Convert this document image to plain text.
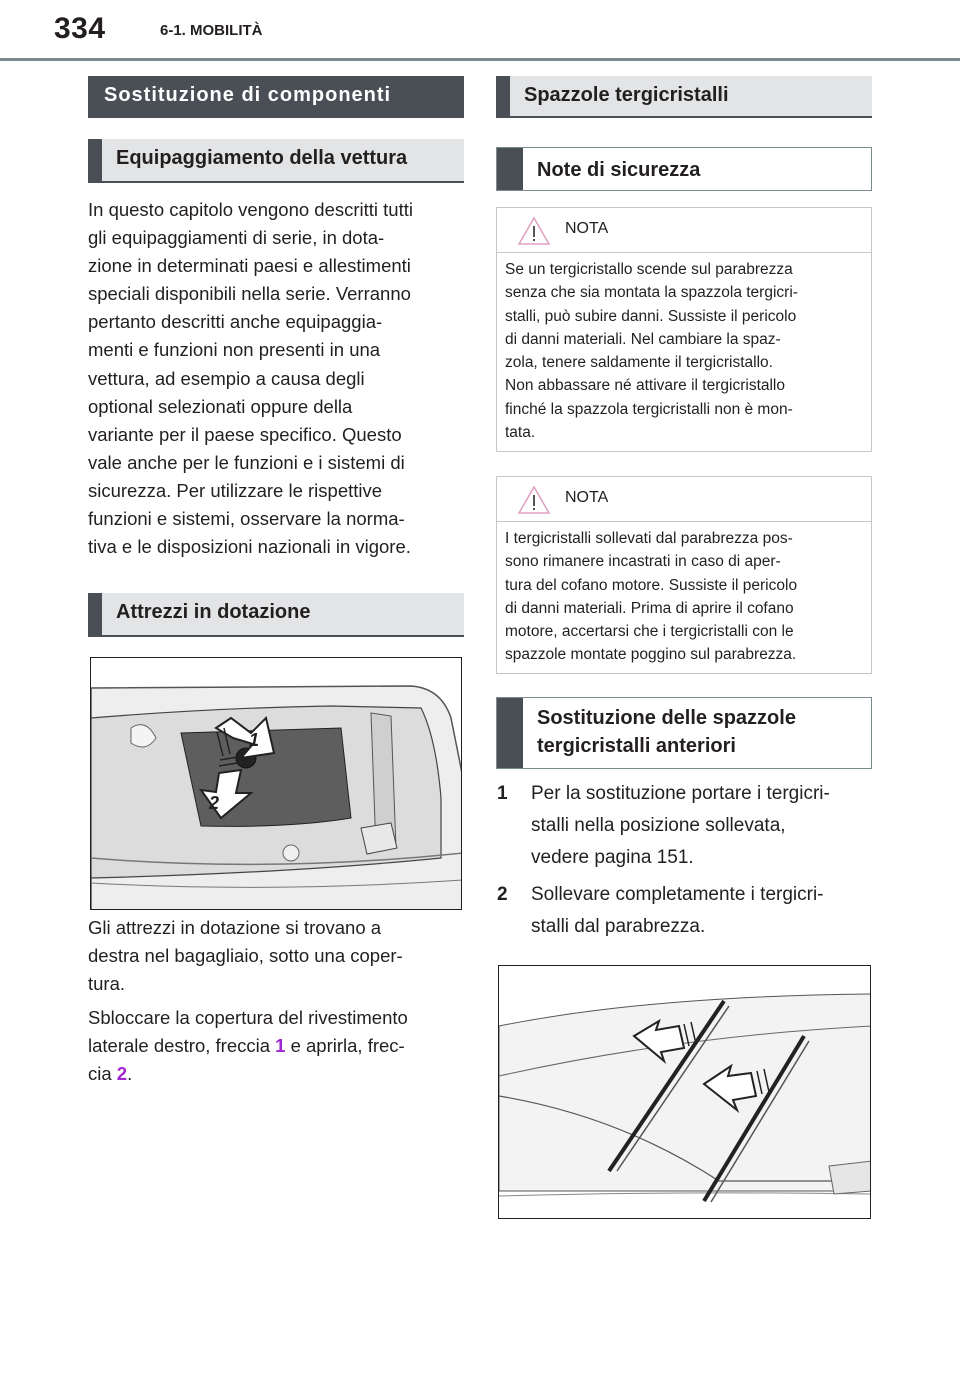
334	6-1. MOBILITÀ
Sostituzione di componenti
Equipaggiamento della vettura
In questo capitolo vengono descritti tutti
gli equipaggiamenti di serie, in dota-
zione in determinati paesi e allestimenti
speciali disponibili nella serie. Verranno
pertanto descritti anche equipaggia-
menti e funzioni non presenti in una
vettura, ad esempio a causa degli
optional selezionati oppure della
variante per il paese specifico. Questo
vale anche per le funzioni e i sistemi di
sicurezza. Per utilizzare le rispettive
funzioni e sistemi, osservare la norma-
tiva e le disposizioni nazionali in vigore.
Attrezzi in dotazione
1
2
Gli attrezzi in dotazione si trovano a
destra nel bagagliaio, sotto una coper-
tura.
Sbloccare la copertura del rivestimento
laterale destro, freccia 1 e aprirla, frec-
cia 2.
Spazzole tergicristalli
Note di sicurezza
NOTA
Se un tergicristallo scende sul parabrezza
senza che sia montata la spazzola tergicri-
stalli, può subire danni. Sussiste il pericolo
di danni materiali. Nel cambiare la spaz-
zola, tenere saldamente il tergicristallo.
Non abbassare né attivare il tergicristallo
finché la spazzola tergicristalli non è mon-
tata.
NOTA
I tergicristalli sollevati dal parabrezza pos-
sono rimanere incastrati in caso di aper-
tura del cofano motore. Sussiste il pericolo
di danni materiali. Prima di aprire il cofano
motore, accertarsi che i tergicristalli con le
spazzole montate poggino sul parabrezza.
Sostituzione delle spazzole
tergicristalli anteriori
1 Per la sostituzione portare i tergicri-
stalli nella posizione sollevata,
vedere pagina 151.
2 Sollevare completamente i tergicri-
stalli dal parabrezza.
